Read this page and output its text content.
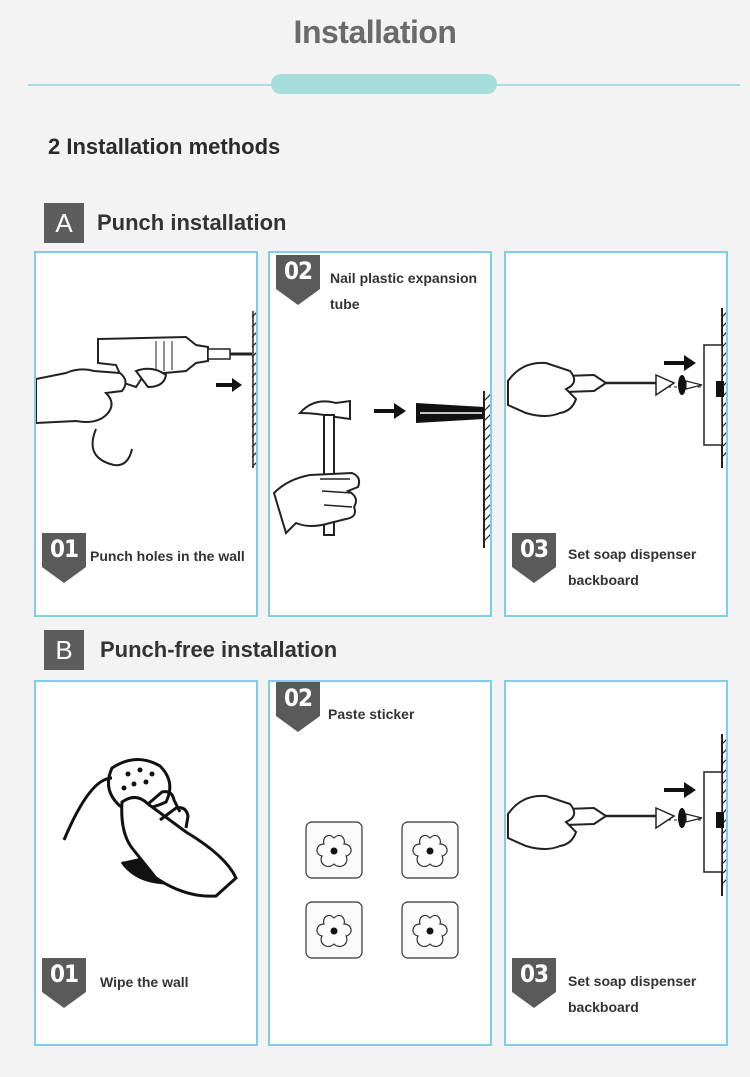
Installation
2 Installation methods
A	Punch installation
01 Punch holes in the wall
02	Nail plastic expansion tube
03	Set soap dispenser backboard
B	Punch-free installation
01	Wipe the wall
02
Paste sticker
03	Set soap dispenser backboard
